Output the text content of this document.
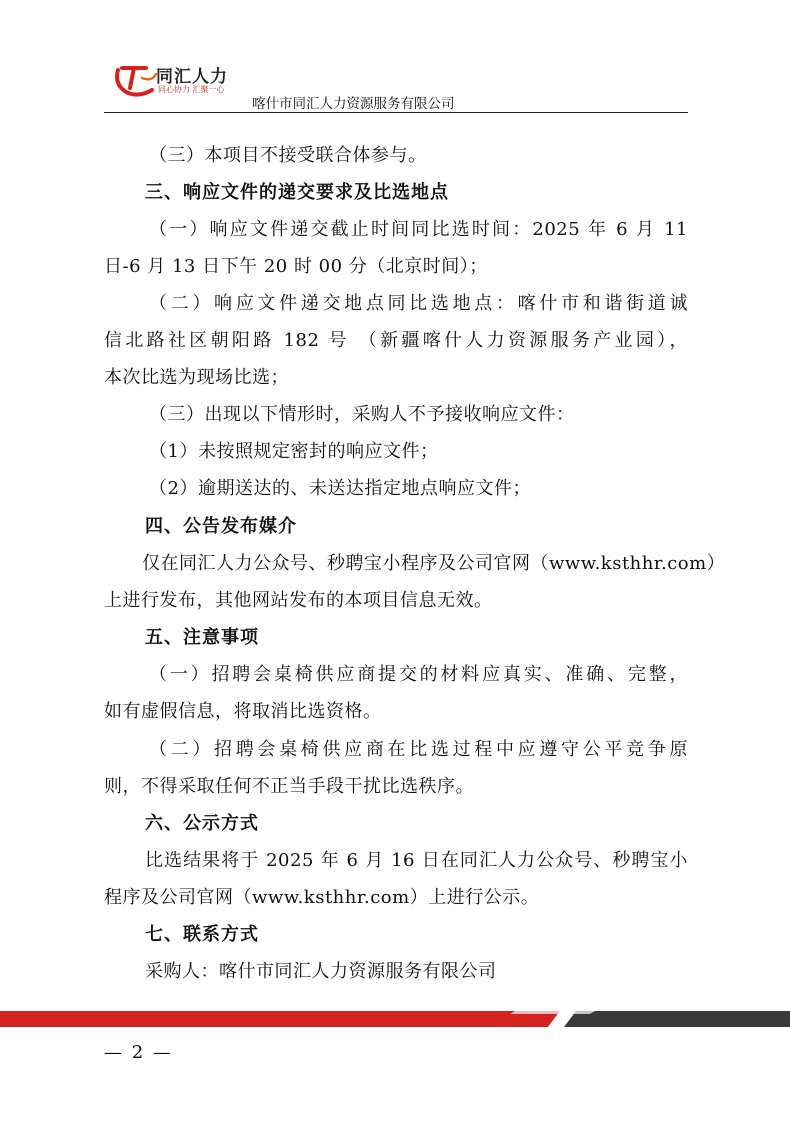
同汇人力
同心协力 汇聚一心
喀什市同汇人力资源服务有限公司
（三）本项目不接受联合体参与。
三、响应文件的递交要求及比选地点
（一）响应文件递交截止时间同比选时间：2025 年 6 月 11
日-6 月 13 日下午 20 时 00 分（北京时间）；
（二）响应文件递交地点同比选地点：喀什市和谐街道诚
信北路社区朝阳路 182 号 （新疆喀什人力资源服务产业园），
本次比选为现场比选；
（三）出现以下情形时，采购人不予接收响应文件：
（1）未按照规定密封的响应文件；
（2）逾期送达的、未送达指定地点响应文件；
四、公告发布媒介
仅在同汇人力公众号、秒聘宝小程序及公司官网（www.ksthhr.com）
上进行发布，其他网站发布的本项目信息无效。
五、注意事项
（一）招聘会桌椅供应商提交的材料应真实、准确、完整，
如有虚假信息，将取消比选资格。
（二）招聘会桌椅供应商在比选过程中应遵守公平竞争原
则，不得采取任何不正当手段干扰比选秩序。
六、公示方式
比选结果将于 2025 年 6 月 16 日在同汇人力公众号、秒聘宝小
程序及公司官网（www.ksthhr.com）上进行公示。
七、联系方式
采购人：喀什市同汇人力资源服务有限公司
— 2 —
